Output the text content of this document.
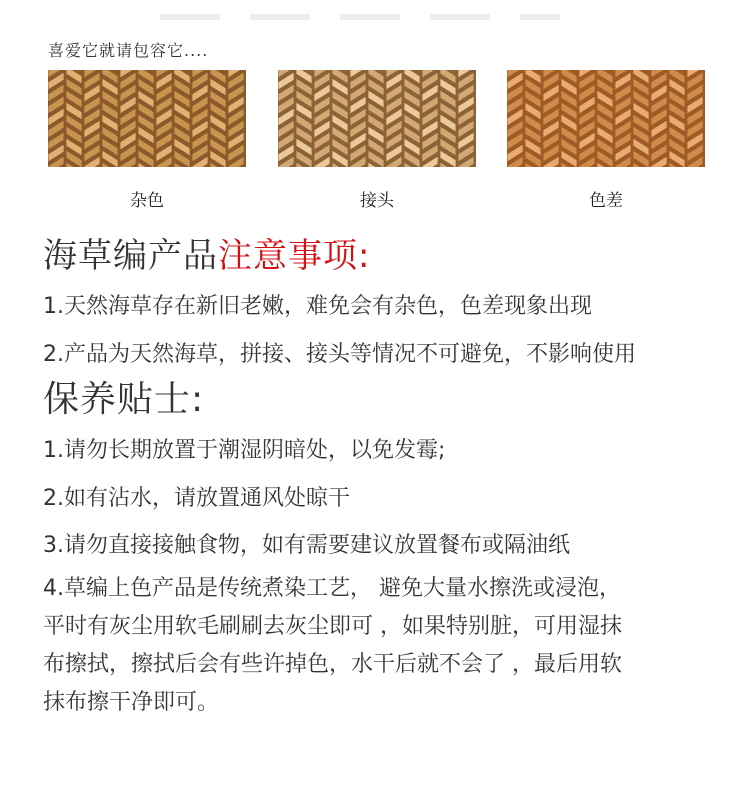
喜爱它就请包容它....
杂色	接头	色差
海草编产品注意事项:
1.天然海草存在新旧老嫩，难免会有杂色，色差现象出现
2.产品为天然海草，拼接、接头等情况不可避免，不影响使用
保养贴士:
1.请勿长期放置于潮湿阴暗处，以免发霉;
2.如有沾水，请放置通风处晾干
3.请勿直接接触食物，如有需要建议放置餐布或隔油纸
4.草编上色产品是传统煮染工艺， 避免大量水擦洗或浸泡，
平时有灰尘用软毛刷刷去灰尘即可 ，如果特别脏，可用湿抹
布擦拭，擦拭后会有些许掉色，水干后就不会了 ，最后用软
抹布擦干净即可。
